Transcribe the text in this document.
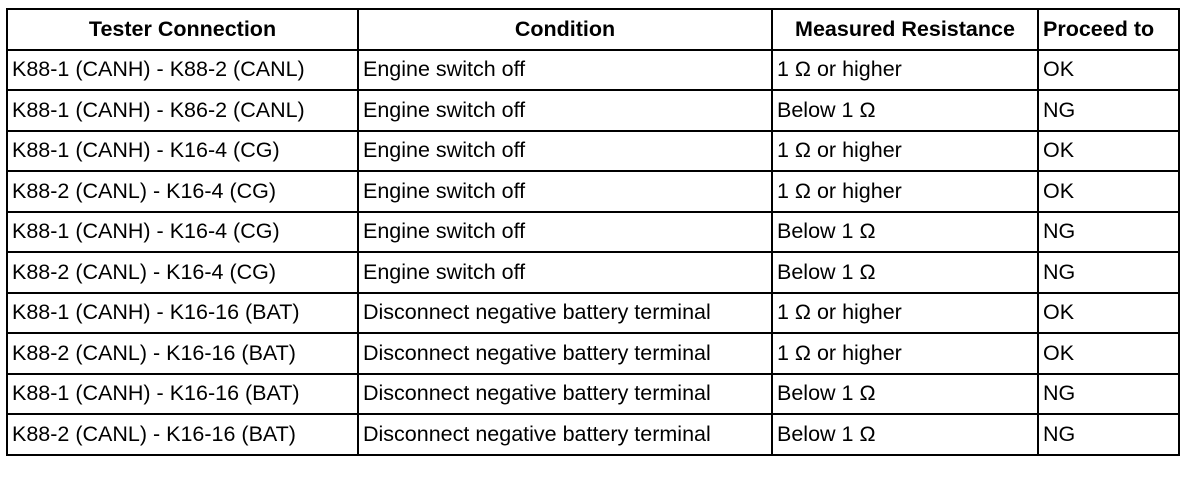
Tester Connection	Condition	Measured Resistance	Proceed to
K88-1 (CANH) - K88-2 (CANL)	Engine switch off	1 Ω or higher	OK
K88-1 (CANH) - K86-2 (CANL)	Engine switch off	Below 1 Ω	NG
K88-1 (CANH) - K16-4 (CG)	Engine switch off	1 Ω or higher	OK
K88-2 (CANL) - K16-4 (CG)	Engine switch off	1 Ω or higher	OK
K88-1 (CANH) - K16-4 (CG)	Engine switch off	Below 1 Ω	NG
K88-2 (CANL) - K16-4 (CG)	Engine switch off	Below 1 Ω	NG
K88-1 (CANH) - K16-16 (BAT)	Disconnect negative battery terminal	1 Ω or higher	OK
K88-2 (CANL) - K16-16 (BAT)	Disconnect negative battery terminal	1 Ω or higher	OK
K88-1 (CANH) - K16-16 (BAT)	Disconnect negative battery terminal	Below 1 Ω	NG
K88-2 (CANL) - K16-16 (BAT)	Disconnect negative battery terminal	Below 1 Ω	NG
